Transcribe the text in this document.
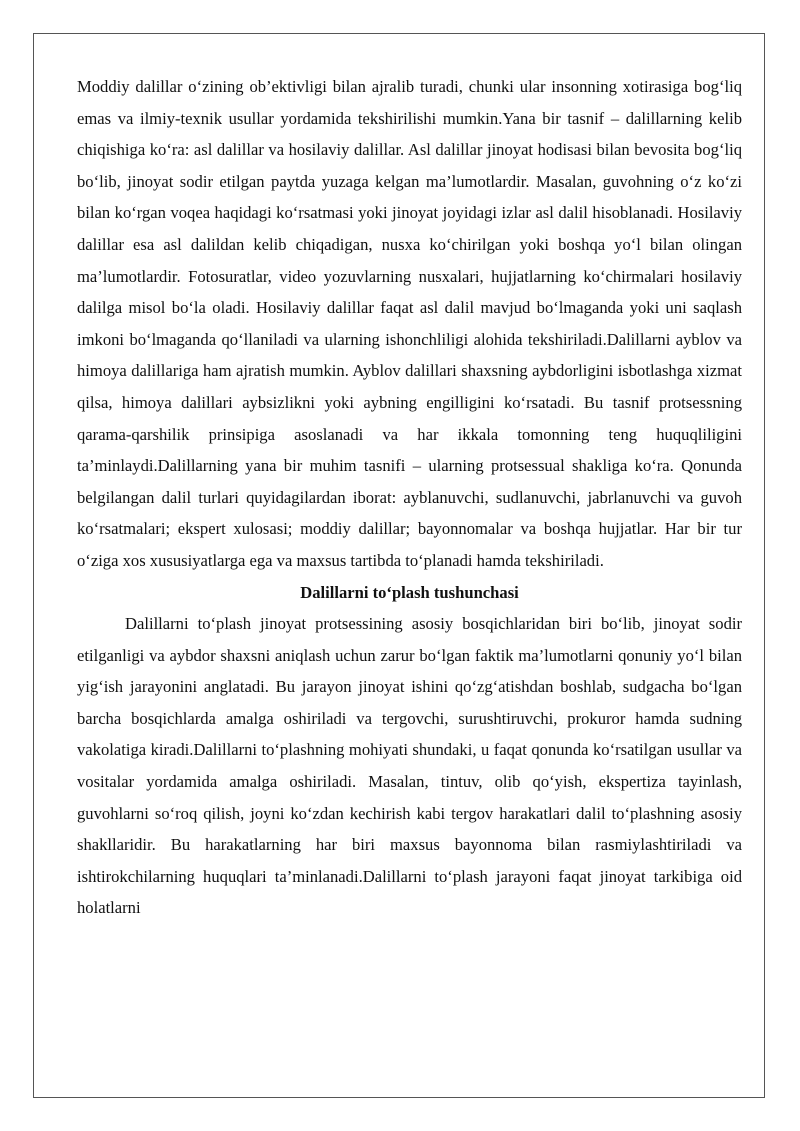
Moddiy dalillar o‘zining ob’ektivligi bilan ajralib turadi, chunki ular insonning xotirasiga bog‘liq emas va ilmiy-texnik usullar yordamida tekshirilishi mumkin.Yana bir tasnif – dalillarning kelib chiqishiga ko‘ra: asl dalillar va hosilaviy dalillar. Asl dalillar jinoyat hodisasi bilan bevosita bog‘liq bo‘lib, jinoyat sodir etilgan paytda yuzaga kelgan ma’lumotlardir. Masalan, guvohning o‘z ko‘zi bilan ko‘rgan voqea haqidagi ko‘rsatmasi yoki jinoyat joyidagi izlar asl dalil hisoblanadi. Hosilaviy dalillar esa asl dalildan kelib chiqadigan, nusxa ko‘chirilgan yoki boshqa yo‘l bilan olingan ma’lumotlardir. Fotosuratlar, video yozuvlarning nusxalari, hujjatlarning ko‘chirmalari hosilaviy dalilga misol bo‘la oladi. Hosilaviy dalillar faqat asl dalil mavjud bo‘lmaganda yoki uni saqlash imkoni bo‘lmaganda qo‘llaniladi va ularning ishonchliligi alohida tekshiriladi.Dalillarni ayblov va himoya dalillariga ham ajratish mumkin. Ayblov dalillari shaxsning aybdorligini isbotlashga xizmat qilsa, himoya dalillari aybsizlikni yoki aybning engilligini ko‘rsatadi. Bu tasnif protsessning qarama-qarshilik prinsipiga asoslanadi va har ikkala tomonning teng huquqliligini ta’minlaydi.Dalillarning yana bir muhim tasnifi – ularning protsessual shakliga ko‘ra. Qonunda belgilangan dalil turlari quyidagilardan iborat: ayblanuvchi, sudlanuvchi, jabrlanuvchi va guvoh ko‘rsatmalari; ekspert xulosasi; moddiy dalillar; bayonnomalar va boshqa hujjatlar. Har bir tur o‘ziga xos xususiyatlarga ega va maxsus tartibda to‘planadi hamda tekshiriladi.

Dalillarni to‘plash tushunchasi

Dalillarni to‘plash jinoyat protsessining asosiy bosqichlaridan biri bo‘lib, jinoyat sodir etilganligi va aybdor shaxsni aniqlash uchun zarur bo‘lgan faktik ma’lumotlarni qonuniy yo‘l bilan yig‘ish jarayonini anglatadi. Bu jarayon jinoyat ishini qo‘zg‘atishdan boshlab, sudgacha bo‘lgan barcha bosqichlarda amalga oshiriladi va tergovchi, surushtiruvchi, prokuror hamda sudning vakolatiga kiradi.Dalillarni to‘plashning mohiyati shundaki, u faqat qonunda ko‘rsatilgan usullar va vositalar yordamida amalga oshiriladi. Masalan, tintuv, olib qo‘yish, ekspertiza tayinlash, guvohlarni so‘roq qilish, joyni ko‘zdan kechirish kabi tergov harakatlari dalil to‘plashning asosiy shakllaridir. Bu harakatlarning har biri maxsus bayonnoma bilan rasmiylashtiriladi va ishtirokchilarning huquqlari ta’minlanadi.Dalillarni to‘plash jarayoni faqat jinoyat tarkibiga oid holatlarni
